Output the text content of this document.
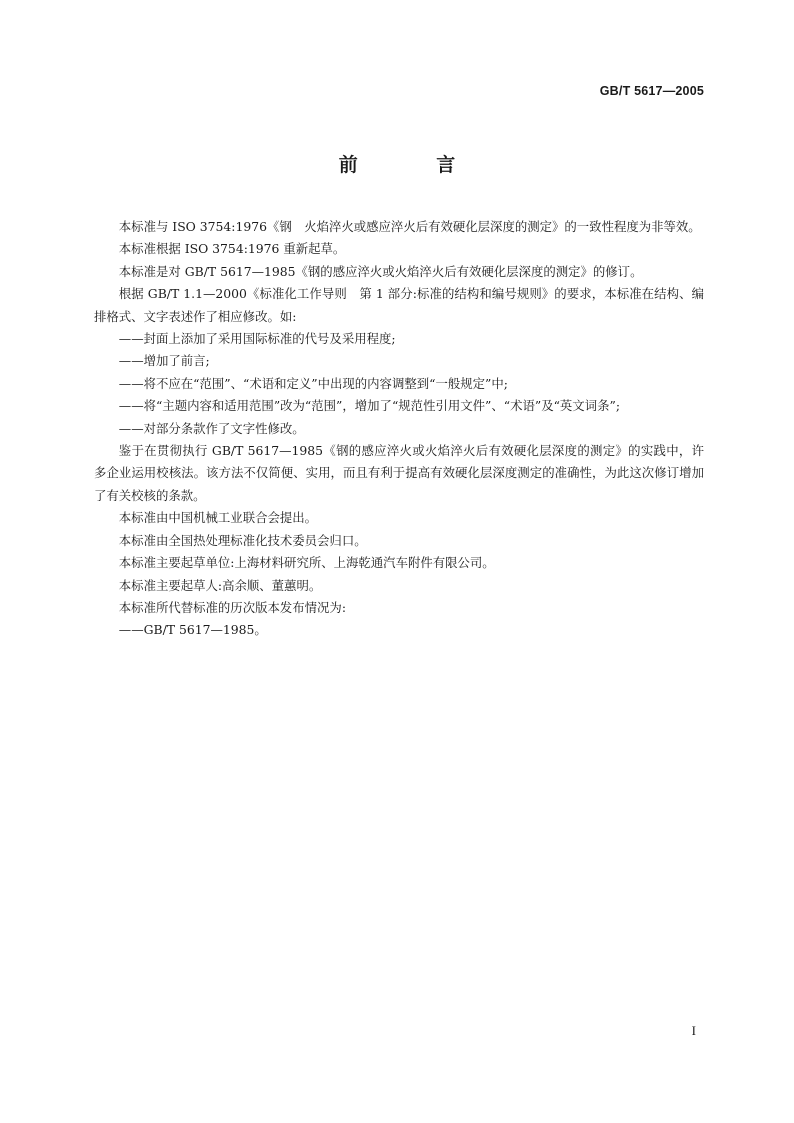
GB/T 5617—2005
前 言

本标准与 ISO 3754:1976《钢　火焰淬火或感应淬火后有效硬化层深度的测定》的一致性程度为非等效。

本标准根据 ISO 3754:1976 重新起草。

本标准是对 GB/T 5617—1985《钢的感应淬火或火焰淬火后有效硬化层深度的测定》的修订。

根据 GB/T 1.1—2000《标准化工作导则　第 1 部分:标准的结构和编号规则》的要求，本标准在结构、编排格式、文字表述作了相应修改。如:

——封面上添加了采用国际标准的代号及采用程度;

——增加了前言;

——将不应在“范围”、“术语和定义”中出现的内容调整到“一般规定”中;

——将“主题内容和适用范围”改为“范围”，增加了“规范性引用文件”、“术语”及“英文词条”;

——对部分条款作了文字性修改。

鉴于在贯彻执行 GB/T 5617—1985《钢的感应淬火或火焰淬火后有效硬化层深度的测定》的实践中，许多企业运用校核法。该方法不仅简便、实用，而且有利于提高有效硬化层深度测定的准确性，为此这次修订增加了有关校核的条款。

本标准由中国机械工业联合会提出。

本标准由全国热处理标准化技术委员会归口。

本标准主要起草单位:上海材料研究所、上海乾通汽车附件有限公司。

本标准主要起草人:高余顺、董蕙明。

本标准所代替标准的历次版本发布情况为:

——GB/T 5617—1985。

I
